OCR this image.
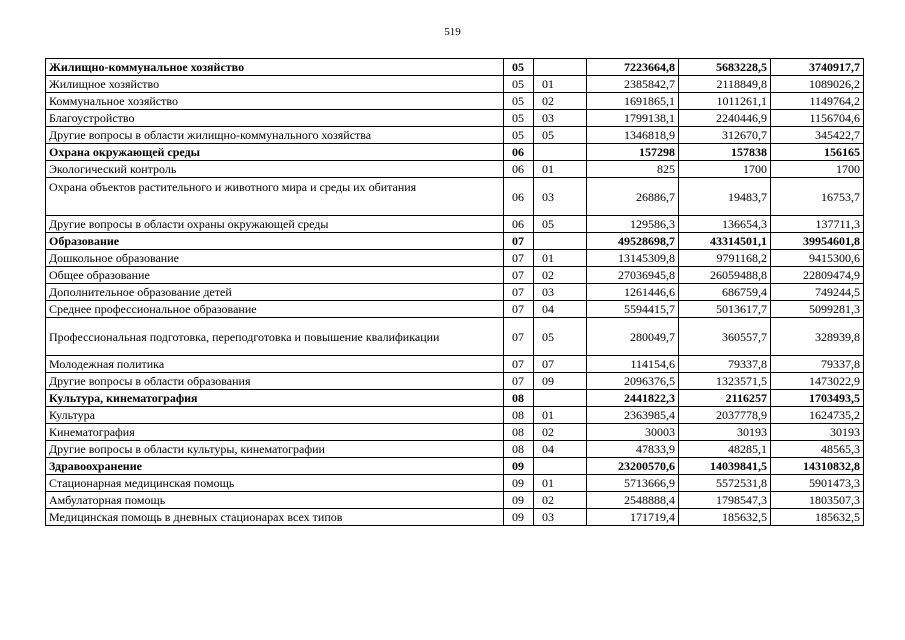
519
Жилищно-коммунальное хозяйство	05		7223664,8	5683228,5	3740917,7
Жилищное хозяйство	05	01	2385842,7	2118849,8	1089026,2
Коммунальное хозяйство	05	02	1691865,1	1011261,1	1149764,2
Благоустройство	05	03	1799138,1	2240446,9	1156704,6
Другие вопросы в области жилищно-коммунального хозяйства	05	05	1346818,9	312670,7	345422,7
Охрана окружающей среды	06		157298	157838	156165
Экологический контроль	06	01	825	1700	1700
Охрана объектов растительного и животного мира и среды их обитания	06	03	26886,7	19483,7	16753,7
Другие вопросы в области охраны окружающей среды	06	05	129586,3	136654,3	137711,3
Образование	07		49528698,7	43314501,1	39954601,8
Дошкольное образование	07	01	13145309,8	9791168,2	9415300,6
Общее образование	07	02	27036945,8	26059488,8	22809474,9
Дополнительное образование детей	07	03	1261446,6	686759,4	749244,5
Среднее профессиональное образование	07	04	5594415,7	5013617,7	5099281,3
Профессиональная подготовка, переподготовка и повышение квалификации	07	05	280049,7	360557,7	328939,8
Молодежная политика	07	07	114154,6	79337,8	79337,8
Другие вопросы в области образования	07	09	2096376,5	1323571,5	1473022,9
Культура, кинематография	08		2441822,3	2116257	1703493,5
Культура	08	01	2363985,4	2037778,9	1624735,2
Кинематография	08	02	30003	30193	30193
Другие вопросы в области культуры, кинематографии	08	04	47833,9	48285,1	48565,3
Здравоохранение	09		23200570,6	14039841,5	14310832,8
Стационарная медицинская помощь	09	01	5713666,9	5572531,8	5901473,3
Амбулаторная помощь	09	02	2548888,4	1798547,3	1803507,3
Медицинская помощь в дневных стационарах всех типов	09	03	171719,4	185632,5	185632,5
